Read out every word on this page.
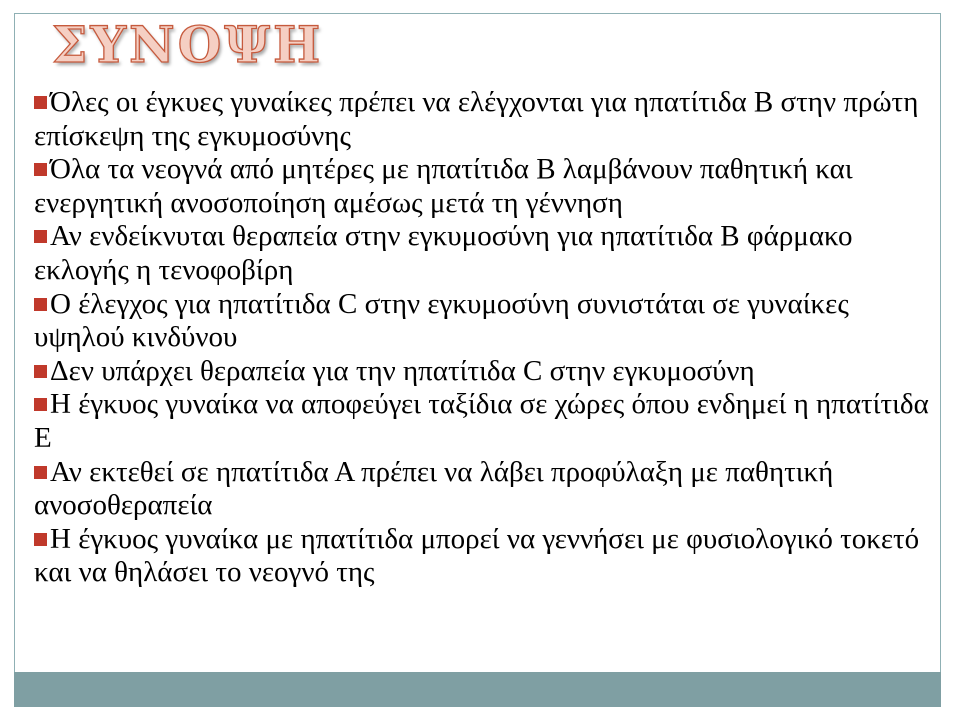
ΣΥΝΟΨΗ
Όλες οι έγκυες γυναίκες πρέπει να ελέγχονται για ηπατίτιδα Β στην πρώτη επίσκεψη της εγκυμοσύνης
Όλα τα νεογνά από μητέρες με ηπατίτιδα Β λαμβάνουν παθητική και ενεργητική ανοσοποίηση αμέσως μετά τη γέννηση
Αν ενδείκνυται θεραπεία στην εγκυμοσύνη για ηπατίτιδα Β φάρμακο εκλογής η τενοφοβίρη
Ο έλεγχος για ηπατίτιδα C στην εγκυμοσύνη συνιστάται σε γυναίκες υψηλού κινδύνου
Δεν υπάρχει θεραπεία για την ηπατίτιδα C στην εγκυμοσύνη
Η έγκυος γυναίκα να αποφεύγει ταξίδια σε χώρες όπου ενδημεί η ηπατίτιδα Ε
Αν εκτεθεί σε ηπατίτιδα Α πρέπει να λάβει προφύλαξη με παθητική ανοσοθεραπεία
Η έγκυος γυναίκα με ηπατίτιδα μπορεί να γεννήσει με φυσιολογικό τοκετό και να θηλάσει το νεογνό της
